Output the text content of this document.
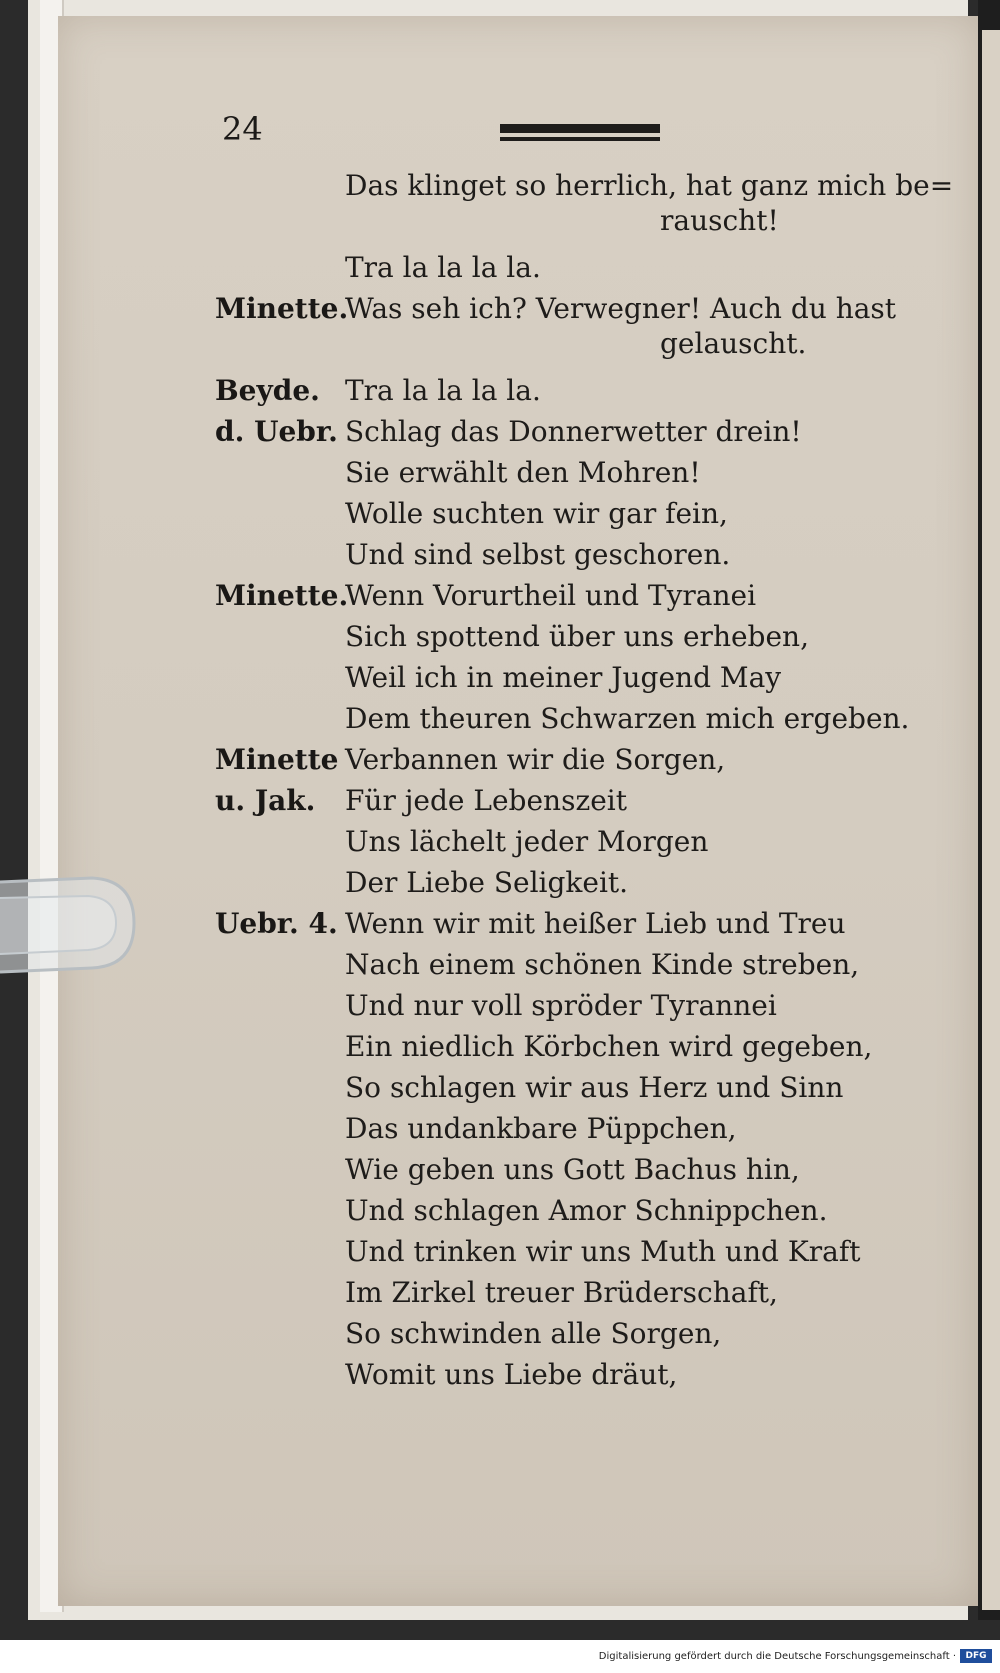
24
Das klinget so herrlich, hat ganz mich be=
rauscht!
Tra la la la la.
Minette.
Was seh ich? Verwegner! Auch du hast
gelauscht.
Beyde. Tra la la la la.
d. Uebr. Schlag das Donnerwetter drein!
Sie erwählt den Mohren!
Wolle suchten wir gar fein,
Und sind selbst geschoren.
Minette.
Wenn Vorurtheil und Tyranei
Sich spottend über uns erheben,
Weil ich in meiner Jugend May
Dem theuren Schwarzen mich ergeben.
Minette Verbannen wir die Sorgen,
u. Jak. Für jede Lebenszeit
Uns lächelt jeder Morgen
Der Liebe Seligkeit.
Uebr. 4. Wenn wir mit heißer Lieb und Treu
Nach einem schönen Kinde streben,
Und nur voll spröder Tyrannei
Ein niedlich Körbchen wird gegeben,
So schlagen wir aus Herz und Sinn
Das undankbare Püppchen,
Wie geben uns Gott Bachus hin,
Und schlagen Amor Schnippchen.
Und trinken wir uns Muth und Kraft
Im Zirkel treuer Brüderschaft,
So schwinden alle Sorgen,
Womit uns Liebe dräut,
Digitalisierung gefördert durch die Deutsche Forschungsgemeinschaft ·	DFG
